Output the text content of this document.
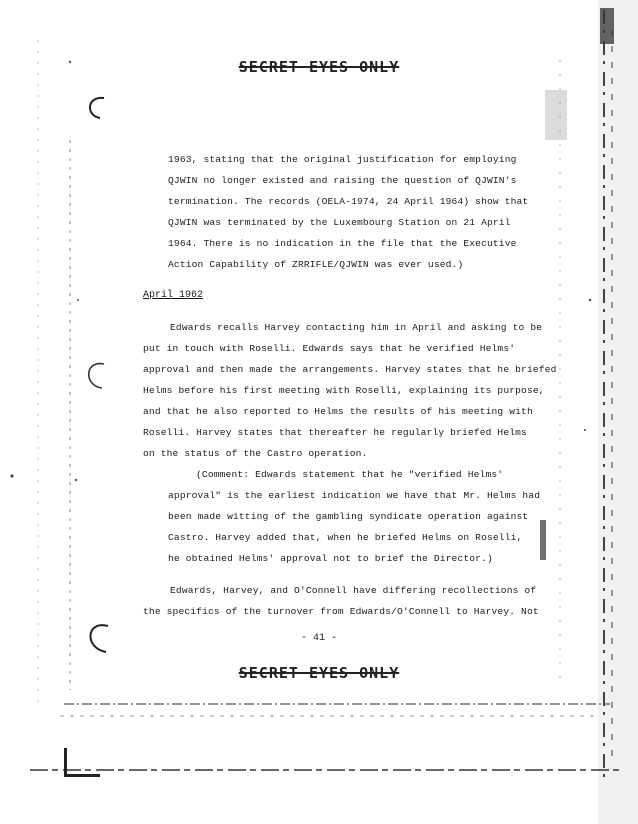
SECRET EYES ONLY
1963, stating that the original justification for employing
QJWIN no longer existed and raising the question of QJWIN's
termination. The records (OELA-1974, 24 April 1964) show that
QJWIN was terminated by the Luxembourg Station on 21 April
1964. There is no indication in the file that the Executive
Action Capability of ZRRIFLE/QJWIN was ever used.)
April 1962
Edwards recalls Harvey contacting him in April and asking to be
put in touch with Roselli. Edwards says that he verified Helms'
approval and then made the arrangements. Harvey states that he briefed
Helms before his first meeting with Roselli, explaining its purpose,
and that he also reported to Helms the results of his meeting with
Roselli. Harvey states that thereafter he regularly briefed Helms
on the status of the Castro operation.
(Comment: Edwards statement that he "verified Helms'
approval" is the earliest indication we have that Mr. Helms had
been made witting of the gambling syndicate operation against
Castro. Harvey added that, when he briefed Helms on Roselli,
he obtained Helms' approval not to brief the Director.)
Edwards, Harvey, and O'Connell have differing recollections of
the specifics of the turnover from Edwards/O'Connell to Harvey. Not
- 41 -
SECRET EYES ONLY
